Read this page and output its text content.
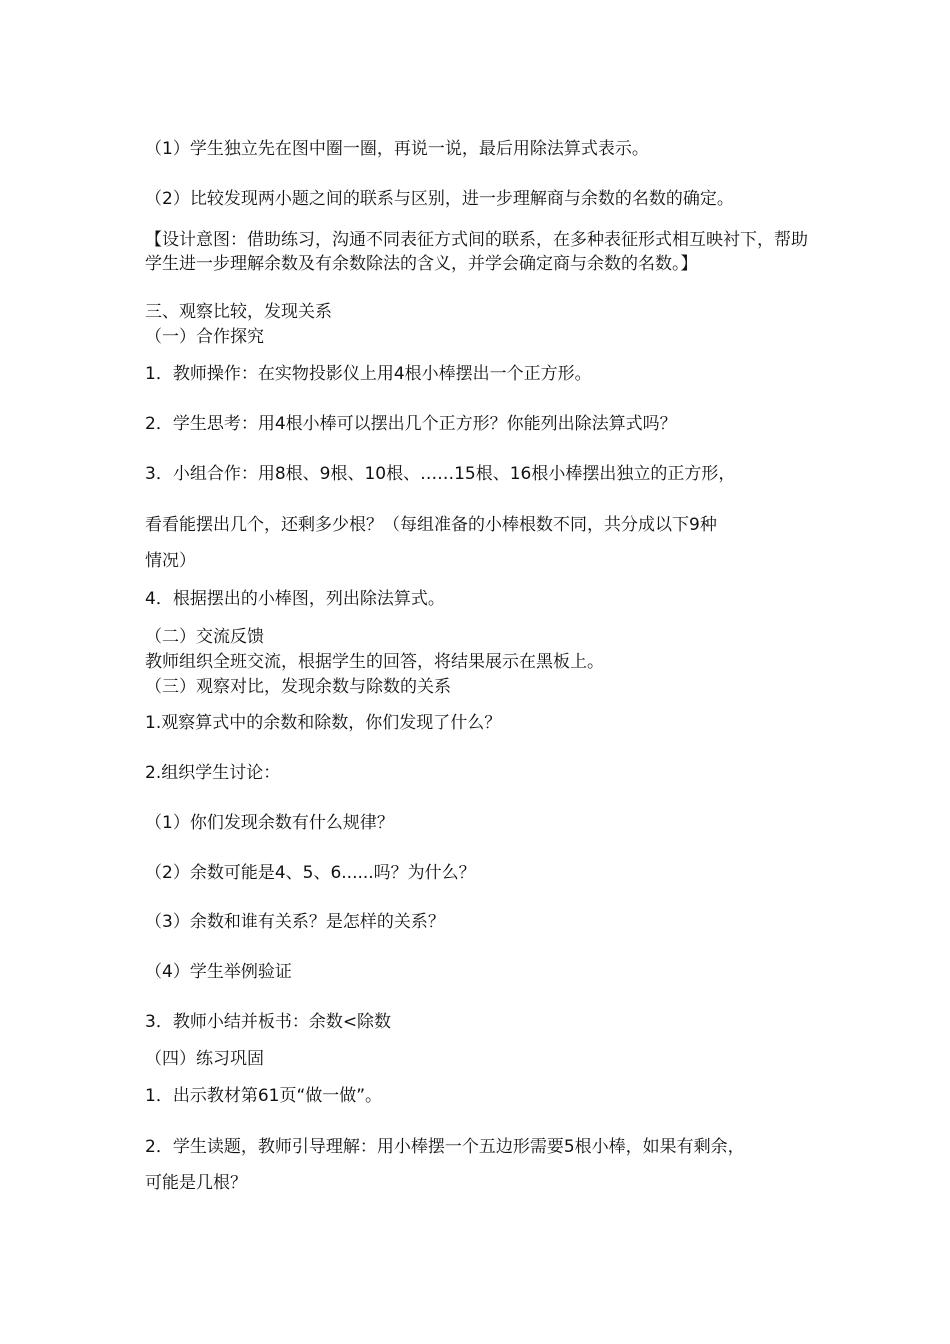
（1）学生独立先在图中圈一圈，再说一说，最后用除法算式表示。
（2）比较发现两小题之间的联系与区别，进一步理解商与余数的名数的确定。
【设计意图：借助练习，沟通不同表征方式间的联系，在多种表征形式相互映衬下，帮助学生进一步理解余数及有余数除法的含义，并学会确定商与余数的名数。】
三、观察比较，发现关系
（一）合作探究
1．教师操作：在实物投影仪上用4根小棒摆出一个正方形。
2．学生思考：用4根小棒可以摆出几个正方形？你能列出除法算式吗？
3．小组合作：用8根、9根、10根、……15根、16根小棒摆出独立的正方形，
看看能摆出几个，还剩多少根？（每组准备的小棒根数不同，共分成以下9种
情况）
4．根据摆出的小棒图，列出除法算式。
（二）交流反馈
教师组织全班交流，根据学生的回答，将结果展示在黑板上。
（三）观察对比，发现余数与除数的关系
1.观察算式中的余数和除数，你们发现了什么？
2.组织学生讨论：
（1）你们发现余数有什么规律？
（2）余数可能是4、5、6......吗？为什么？
（3）余数和谁有关系？是怎样的关系？
（4）学生举例验证
3．教师小结并板书：余数<除数
（四）练习巩固
1．出示教材第61页“做一做”。
2．学生读题，教师引导理解：用小棒摆一个五边形需要5根小棒，如果有剩余，
可能是几根？
